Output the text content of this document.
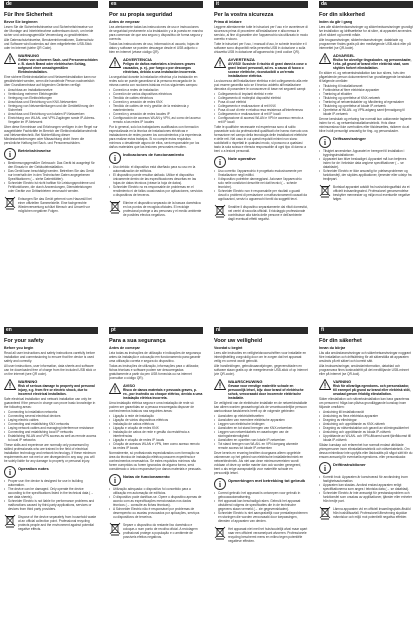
de
Für Ihre Sicherheit
Bevor Sie beginnen
Lesen Sie die Sicherheitshinweise und Sicherheitshinweise vor der Montage und Inbetriebnahme aufmerksam durch, um beide sicher und ordnungsgemäße Verwendung zu gewährleisten.
Alle Datenschutzhinweise, Benutzerinformationen, Datenschutz und Software wird kostenlos auf dem mitgelieferten USB-Stick oder im Internet (siehe QR Code).
WARNUNG
Gefahr von schweren Sach- und Personenschäden z. B. durch Brand oder elektrischen Schlag, aufgrund einer unsachgemäßen Elektroinstallation.
Eine sichere Elektroinstallation und Netzwerkinstallation kann nur gewährleistet werden, wenn die handelnde Person nachweislich über Grundkenntnisse auf folgenden Gebieten verfügt:
• Anschluss an Installationsnetze
• Verbindung mehrerer Elektrogeräte
• Verlegung von Elektroleitungen
• Anschluss und Einrichtung von KNX-Netzwerken
• Verlegung von Netzwerkleitungen und die Geräteführung der Sicherheit
• Anschluss und Einrichtung von lokalen IP-Netzwerken
• Einrichtung von WLAN- und VPN-Zugängen sowie IP-Adress-Vergabe im IP-Netzwerk
Über diese Kenntnisse und Erfahrungen verfügen in der Regel nur ausgebildete Fachkräfte im Bereich der Elektroinstallationstechnik und Netzwerktechnik. Bei Nichterfüllung dieser Mindestanforderungen oder Missachtung droht Ihnen die persönliche Haftung bei Sach- und Personenschäden.
i	Betriebshinweise
• Bestimmungsgemäßer Gebrauch: Das Gerät ist ausgelegt für den Einsatz in der Gebäudeinstallation.
• Das Gerät kann beschädigt werden. Betreiben Sie das Gerät nur innerhalb der in den Technischen Daten angegebenen Spezifikationen (→ siehe Datenblätter).
• Schneider Electric ist nicht haftbar für Leistungsprobleme und Fehlfunktionen, die durch Anwendungen, Diensteleistungen oder Geräte von Drittanbietern verursacht werden.
Entsorgen Sie das Gerät getrennt vom Hausmüll bei einer offiziellen Sammelstelle. Eine fachgerechte Wiederverwertung schützt Mensch und Umwelt vor möglichen negativen Folgen.
es
Por su propia seguridad
Antes de empezar
Lea atentamente todas las instrucciones de uso e instrucciones de seguridad previamente a la instalación y a la puesta en marcha para comenzar de que sea seguro y dispositivo de forma segura y correcta.
Todas las instrucciones de uso, información al usuario, hojas de datos y software se pueden descargar desde el USB adjunto o bien en internet (véase código QR).
ADVERTENCIA
Peligro de daños materiales a lesiones graves causados, p. ej., por fuego o por descargas eléctricas, debido a una instalación incorrecta.
La seguridad durante la instalación eléctrica y la instalación en redes solo se puede garantizar si la persona encargada de la misma cuenta con nociones básicas en los siguientes campos:
• Conexión a redes de instalación
• Conexión de varios dispositivos eléctricos
• Tendido de cables eléctricos
• Conexión y creación de redes KNX
• Tendido de cables de red y gestión de la resistencia y mantenimiento
• Conexión y creación de redes locales IP
• Configuración de accesos WLAN y VPN, así como del acceso remoto a las redes IP locales
Por lo general, solo los trabajadores cualificados con formación especializada en la técnica de instalaciones eléctricas e instalaciones de redes poseen los conocimientos y la experiencia para realizar estos trabajos. Si no cumple estos requisitos mínimos o desatiende alguno de ellos, será responsable por los daños materiales que las lesiones personales resulten.
i	Indicaciones de funcionamiento
• Uso debido: el dispositivo está diseñado para su uso en la automatización de edificios.
• El dispositivo puede resultar dañado. Utilice el dispositivo únicamente dentro de las especificaciones descritas en las hojas de datos técnicos (véase la hoja de datos).
• Schneider Electric no es responsable de problemas en el rendimiento ni de fallos ocasionados por aplicaciones, servicios o dispositivos de terceros.
Elimine el dispositivo separado de la basura doméstica en los puntos de recogida oficiales. El reciclaje profesional protege a las personas y el medio ambiente de posibles efectos negativos.
it
Per la vostra sicurezza
Prima di iniziare
Leggere attentamente tutte le istruzioni per l'uso e le avvertenze di sicurezza prima di procedere all'installazione e alla messa in servizio, al fine di garantire che l'apparecchio sia utilizzato in modo corretto e sicuro.
Tutte le istruzioni per l'uso, i manuali d'uso, le schede tecniche e il software sono disponibili nella pennetta USB in dotazione o sulla chiavetta USB in dotazione all'apparecchio (vedi codice QR).
AVVERTENZA
AVVISO! Sussiste il rischio di gravi danni a cose o gravi lesioni personali, ad es. a causa di fuoco o scosse elettriche, riconducibili a un'errata installazione elettrica.
La sicurezza dell'installazione elettrica e del collegamento alla rete può essere garantita solo se il tecnico addetto all'installazione dimostra di possedere le conoscenze di base nei seguenti campi:
• Collegamento di impianti elettrici e rete
• Collegamento di molteplici dispositivi elettrici
• Posa di cavi elettrici
• Collegamento e realizzazione di reti KNX
• Posa di cavi di rete e relativa resa resistenza all'interferenza
• Collegamento e realizzazione di reti IP locali
• Configurazione di accessi WLAN e VPN e accesso remoto a reti IP locali
Tutte le qualifiche necessarie ed esperienza sono di solito possedute solo da professionisti qualificati che hanno ricevuto una formazione nel campo della tecnologia delle installazioni elettriche e delle reti. Nel caso in cui questi requisiti minimi non siano soddisfatti o rispettati in qualsiasi modo, si possono a qualsiasi tasto la sola scissa e ritenuta responsabile di ogni tipo di danno a beni o a lesioni personali.
i	Note operative
• Uso corretto: l'apparecchio è progettato esclusivamente per l'installazione negli edifici.
• Il dispositivo potrebbe danneggiarsi. Azionare l'apparecchio solo nelle condizioni descritte nei dati tecnici (→ schede tecniche).
• Schneider Electric non è responsabile per risultati o guasti dovuti o problemi di prestazione o malfunzionamenti causati da applicazioni, servizi o apparecchi forniti da soggetti terzi.
Smaltire il dispositivo separatamente dai rifiuti domestici, nei centri di raccolta ufficiali. Il riciclaggio professionale contribuisce alla tutela delle persone e dell'ambiente dagli eventuali effetti negativi.
da
For din sikkerhed
Inden du går i gang
Læs alle sikkerhedsanvisninger og sikkerhedsanvisninger grundigt før installation og idriftsættelse for at sikre, at apparatet anvendes på et sikkert og korrekt måde.
Alle brugsanvisninger, sikkerhedsanvisninger, datablade og programmer findes gratis på den medfølgende USB-stick eller på internettet (se QR-kode).
ADVARSEL
Risiko for alvorlige tingsskader- og personskader, f.eks. på grund af brand eller elektrisk stød, som skyldes forkert elinstallation.
En sikker el- og netværksinstallation kan kun sikres, hvis den pågældende person dokumenteret har grundlæggende kendskab til følgende områder:
• Tilslutning til installationsnet
• Forbindelse af flere elektriske apparater
• Trækning af elkabler
• Tilslutning og oprettelse af KNX-netværk
• Trækning af netværkskabler og håndtering af egenskaber
• Tilslutning og oprettelse af lokale IP-netværk
• Oprettelse af WLAN- og VPN-adgang samt fjernadgang til lokale IP-netværk
Denne kendskab og erfaring har normalt kun uddannede faglærte inden for el- og netværksinstallationsteknik. Hvis disse minimumskrav ikke overholdes eller tilsidesættes, risikerer du at blive holdt personligt ansvarlig for ting- og personskader.
i	Driftsanvisninger
• Tilsigtet anvendelse: Apparatet er beregnet til installation i bygningsinstallationer.
• Apparatet kan blive beskadiget. Apparatet må kun betjenes inden for de i tekniske data angivne specifikationer (→ se datablade).
• Schneider Electric er ikke ansvarlig for ydelsesproblemer og funktionsfejl, der skyldes applikationer, tjenester eller udstyr fra tredjepart.
Bortskaf apparatet adskilt fra husholdningsaffald via et officielt indsamlingssted. Professionel genanvendelse beskytter mennesker og miljø mod eventuelle negative følger.
en
For your safety
Before you begin
Read all user instructions and safety instructions carefully before installation and commissioning to ensure that the device is used safely and correctly.
All user instructions, user information, data sheets and software can be downloaded free of charge from the included USB stick or on the internet (see QR code).
WARNING
Risk of serious damage to property and personal injury, e.g. from fire or electric shock, due to incorrect electrical installation.
Safe electrical installation and network installation can only be guaranteed if the person in charge can prove basic knowledge in the following areas:
• Connecting to installation networks
• Connecting several electrical devices
• Laying electric cables
• Connecting and establishing KNX networks
• Laying network cables and managing interference resistance
• Connecting and establishing local IP networks
• Establishing WLAN and VPN access as well as remote access to local IP networks
These skills and experience are normally only possessed by skilled professionals who are trained in the field of electrical installation technology and network technology. If these minimum requirements are not met or are disregarded in any way, you will be solely liable for any damage to property or personal injury.
i	Operation notes
• Proper use: the device is designed for use in building automation.
• The device can be damaged. Only operate the device according to the specifications listed in the technical data (→ see data sheets).
• Schneider Electric is not liable for performance problems and malfunctions caused by third-party applications, services or devices from third party providers.
Dispose of the device separately from household waste at an official collection point. Professional recycling protects people and the environment against potential negative effects.
pt
Para a sua segurança
Antes de começar
Leia todas as instruções de utilização e indicações de segurança antes da instalação e colocação em funcionamento para garantir uma utilização correta e segura do dispositivo.
Todas as instruções de utilização, informações para o utilizador, fichas técnicas e software podem ser descarregadas gratuitamente a partir da pen USB fornecida ou na internet (consultar o código QR).
AVISO
Risco de danos materiais e pessoais graves, p. ex., por incêndio ou choque elétrico, devido a uma instalação elétrica incorreta.
Uma instalação elétrica segura e uma instalação de rede só podem ser garantidas se a pessoa encarregada dispuser de conhecimentos básicos nas seguintes áreas:
• Ligação à rede de instalação
• Ligação de vários dispositivos elétricos
• Instalação de cabos elétricos
• Ligação e criação de redes KNX
• Instalação de cabos de rede e gestão da resistência a interferências
• Ligação e criação de redes IP locais
• Criação de acessos WLAN e VPN, bem como acesso remoto às redes IP locais
Normalmente, só profissionais especializados com formação na área da técnica de instalação elétrica possuem experiência e conhecimentos necessários. Se estes requisitos mínimos não forem cumpridos ou forem ignorados de alguma forma, será considerado o único responsável por danos materiais e pessoais.
i	Notas de funcionamento
• Utilização adequada: o dispositivo foi concebido para a utilização em automação de edifícios.
• O dispositivo pode danificar-se. Opere o dispositivo apenas de acordo com as especificações mencionadas nos dados técnicos (→ consulte as fichas técnicas).
• A Schneider Electric não é responsável por problemas de desempenho ou avarias provocados por aplicações, serviços ou dispositivos de terceiros.
Separe o dispositivo do restante lixo doméstico e coloque-o num ponto de recolha oficial. A reciclagem profissional protege a população e o ambiente de possíveis efeitos negativos.
nl
Voor uw veiligheid
Voordat u begint
Lees alle instructies en veiligheidsvoorschriften voor installatie en inbedrijfstelling zorgvuldig door om te zorgen dat het apparaat veilig en correct wordt gebruikt.
Alle handleidingen, gebruiksaanwijzingen, gegevensbladen en software staan gratis op de meegeleverde USB-stick of op internet (zie QR-code).
WAARSCHUWING
Gevaar voor ernstige materiële schade en persoonlijk letsel, bijv. door brand of elektrische schok, veroorzaakt door incorrecte elektrische installatie.
De veiligheid van de elektrische installatie en de netwerkinstallatie kan alleen worden gewaarborgd als de verantwoordelijke persoon aantoonbaar basiskennis heeft op de volgende gebieden:
• Aansluiten op elektriciteitsnetten
• Aansluiten van meerdere elektrische apparaten
• Leggen van elektrische leidingen
• Aansluiten en tot stand brengen van KNX-netwerken
• Leggen van netwerkkabels en waarborgen van de storingsbestendigheid
• Aansluiten en opzetten van lokale IP-netwerken
• Tot stand brengen van WLAN- en VPN-toegang alsmede remote access tot lokale IP-netwerken
Deze kennis en ervaring bezitten doorgaans alleen opgeleide vakmensen op het gebied van elektrische installatietechniek en netwerktechniek. Als niet aan deze minimumvereisten wordt voldaan of deze op welke manier dan ook worden genegeerd, bent u als enige aansprakelijk voor materiële schade en persoonlijk letsel.
i	Opmerkingen met betrekking tot gebruik
• Correct gebruik: het apparaat is ontworpen voor gebruik in gebouwautomatisering.
• Het apparaat kan beschadigd raken. Gebruik het apparaat uitsluitend volgens de specificaties die in de technische gegevens staan vermeld (→ zie gegevensbladen).
• Schneider Electric is niet aansprakelijk voor prestatieproblemen en storingen die worden veroorzaakt door toepassingen, diensten of apparaten van derden.
Het apparaat niet met het huishoudelijk afval maar apart naar een officieel verzamelpunt afvoeren. Professionele recycling beschermt mens en milieu tegen potentiële negatieve effecten.
fi
För din säkerhet
Innan du börjar
Läs alla användaranvisningar och säkerhetsanvisningar noggrant före installation och driftsättning för att säkerställa att apparaten används på ett säkert och korrekt sätt.
Alla bruksanvisningar, användarinformation, datablad och programvara finns kostnadsfritt på det medföljande USB-minnet eller på internet (se QR-kod).
VARNING
Risk för allvarliga egendoms- och personskador, till exempel på grund av brand eller elektrisk stöt, orsakad genom felaktig elinstallation.
Säker elinstallation och nätverksinstallation kan bara garanteras om personen i fråga kan påvisa grundläggande kunskap inom följande områden:
• Anslutning till installationsnät
• Anslutning av flera elektriska apparater
• Dragning av elledningar
• Anslutning och upprättande av KNX-nätverk
• Dragning av nätverkskablar och garanti av störningssäkerhet
• Anslutning och upprättande av lokala IP-nätverk
• Upprättande av WLAN- och VPN-åtkomst samt fjärråtkomst till lokala IP-nätverk
Sådan kunskap och erfarenhet har normalt endast utbildade yrkespersoner inom elinstallationsteknik och nätverksteknik. Om dessa minimikrav inte uppfylls eller åsidosätts på något sätt blir du ensam ansvarig för eventuella egendoms- eller personskador.
i	Driftinstruktioner
• Korrekt bruk: Apparaten är konstruerad för användning inom fastighetsautomation.
• Apparaten kan skadas. Använd endast apparaten enligt specifikationerna som anges i tekniska data (→ se datablad).
• Schneider Electric är inte ansvarigt för prestandaproblem och funktionsfel som orsakas av applikationer, tjänster eller enheter från tredje part.
Lämna apparaten vid en officiell insamlingsplats åtskild från hushållsavfall. Professionell återvinning skyddar människor och miljö mot potentiellt negativa effekter.
